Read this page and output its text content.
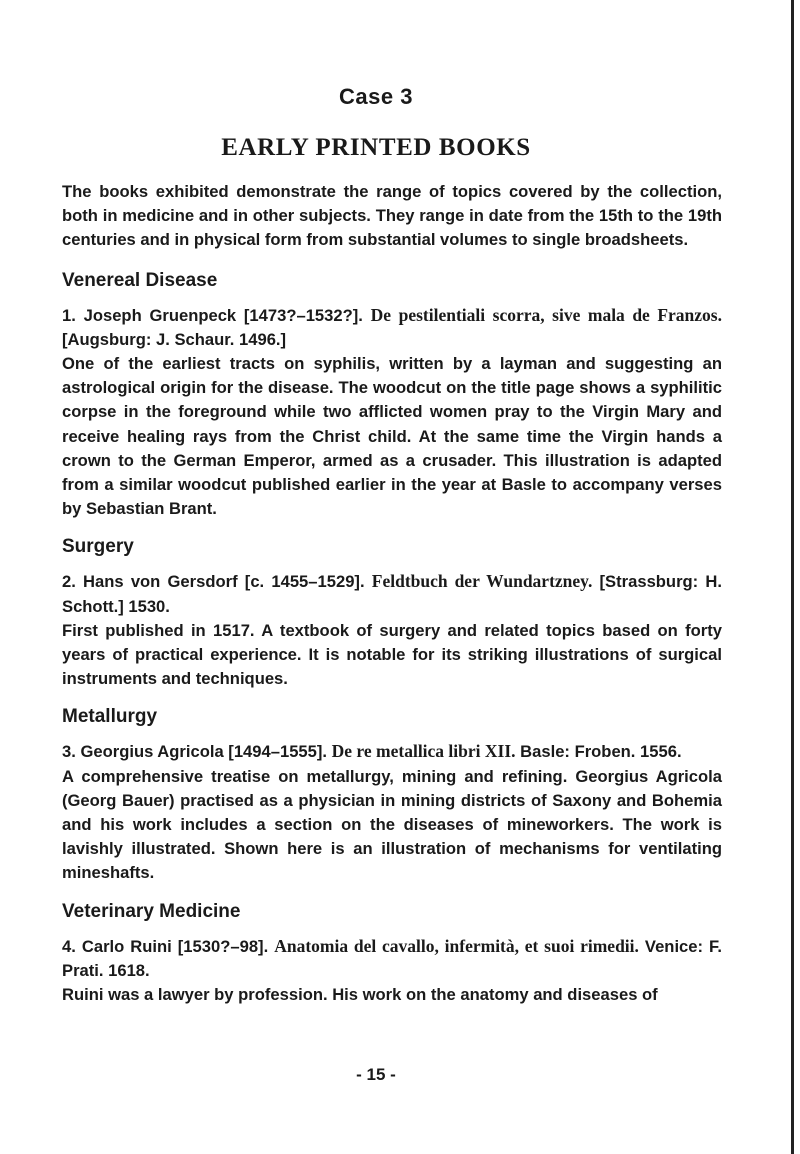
Case 3
EARLY PRINTED BOOKS

The books exhibited demonstrate the range of topics covered by the collection, both in medicine and in other subjects. They range in date from the 15th to the 19th centuries and in physical form from substantial volumes to single broadsheets.

Venereal Disease

1. Joseph Gruenpeck [1473?–1532?]. De pestilentiali scorra, sive mala de Franzos. [Augsburg: J. Schaur. 1496.]

One of the earliest tracts on syphilis, written by a layman and suggesting an astrological origin for the disease. The woodcut on the title page shows a syphilitic corpse in the foreground while two afflicted women pray to the Virgin Mary and receive healing rays from the Christ child. At the same time the Virgin hands a crown to the German Emperor, armed as a crusader. This illustration is adapted from a similar woodcut published earlier in the year at Basle to accompany verses by Sebastian Brant.

Surgery

2. Hans von Gersdorf [c. 1455–1529]. Feldtbuch der Wundartzney. [Strassburg: H. Schott.] 1530.

First published in 1517. A textbook of surgery and related topics based on forty years of practical experience. It is notable for its striking illustrations of surgical instruments and techniques.

Metallurgy

3. Georgius Agricola [1494–1555]. De re metallica libri XII. Basle: Froben. 1556.

A comprehensive treatise on metallurgy, mining and refining. Georgius Agricola (Georg Bauer) practised as a physician in mining districts of Saxony and Bohemia and his work includes a section on the diseases of mineworkers. The work is lavishly illustrated. Shown here is an illustration of mechanisms for ventilating mineshafts.

Veterinary Medicine

4. Carlo Ruini [1530?–98]. Anatomia del cavallo, infermità, et suoi rimedii. Venice: F. Prati. 1618.

Ruini was a lawyer by profession. His work on the anatomy and diseases of

- 15 -
